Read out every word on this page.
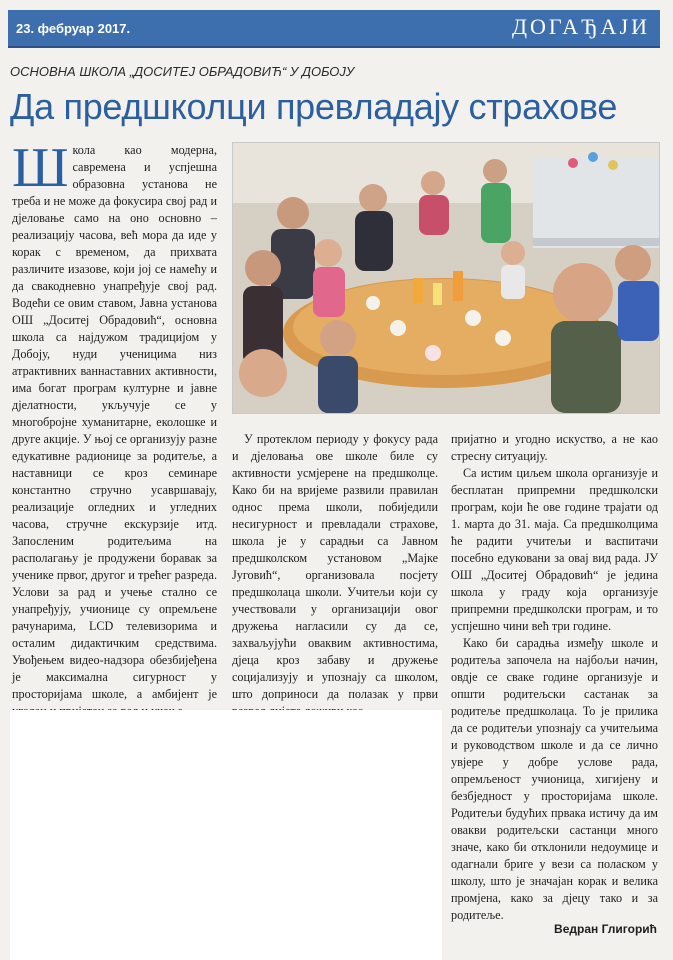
23. фебруар 2017.	ДОГАЂАЈИ
ОСНОВНА ШКОЛА „ДОСИТЕЈ ОБРАДОВИЋ“ У ДОБОЈУ
Да предшколци превладају страхове

Школа као модерна, савремена и успјешна образовна установа не треба и не може да фокусира свој рад и дјеловање само на оно основно – реализацију часова, већ мора да иде у корак с временом, да прихвата различите изазове, који јој се намећу и да свакодневно унапређује свој рад. Водећи се овим ставом, Јавна установа ОШ „Доситеј Обрадовић“, основна школа са најдужом традицијом у Добоју, нуди ученицима низ атрактивних ваннаставних активности, има богат програм културне и јавне дјелатности, укључује се у многобројне хуманитарне, еколошке и друге акције. У њој се организују разне едукативне радионице за родитеље, а наставници се кроз семинаре константно стручно усавршавају, реализације огледних и угледних часова, стручне екскурзије итд. Запосленим родитељима на располагању је продужени боравак за ученике првог, другог и трећег разреда. Услови за рад и учење стално се унапређују, учионице су опремљене рачунарима, LCD телевизорима и осталим дидактичким средствима. Увођењем видео-надзора обезбијеђена је максимална сигурност у просторијама школе, а амбијент је

У протеклом периоду у фокусу рада и дјеловања ове школе биле су активности усмјерене на предшколце. Како би на вријеме развили правилан однос према школи, побиједили несигурност и превладали страхове, школа је у сарадњи са Јавном предшколском установом „Мајке Југовић“, организовала посјету предшколаца школи. Учитељи који су учествовали у организацији овог дружења нагласили су да се, захваљујући оваквим активностима, дјеца кроз забаву и дружење социјализују и упознају са школом, што доприноси да полазак у први

пријатно и угодно искуство, а не као стресну ситуацију.

Са истим циљем школа организује и бесплатан припремни предшколски програм, који ће ове године трајати од 1. марта до 31. маја. Са предшколцима ће радити учитељи и васпитачи посебно едуковани за овај вид рада. ЈУ ОШ „Доситеј Обрадовић“ је једина школа у граду која организује припремни предшколски програм, и то успјешно чини већ три године.

Како би сарадња између школе и родитеља започела на најбољи начин, овдје се сваке године организује и општи родитељски састанак за родитеље предшколаца. То је прилика да се родитељи упознају са учитељима и руководством школе и да се лично увјере у добре услове рада, опремљеност учионица, хигијену и безбједност у просторијама школе. Родитељи будућих првака истичу да им овакви родитељски састанци много значе, како би отклонили недоумице и одагнали бриге у вези са поласком у школу, што је значајан корак и велика промјена, како за дјецу тако и за родитеље.

Ведран Глигорић
